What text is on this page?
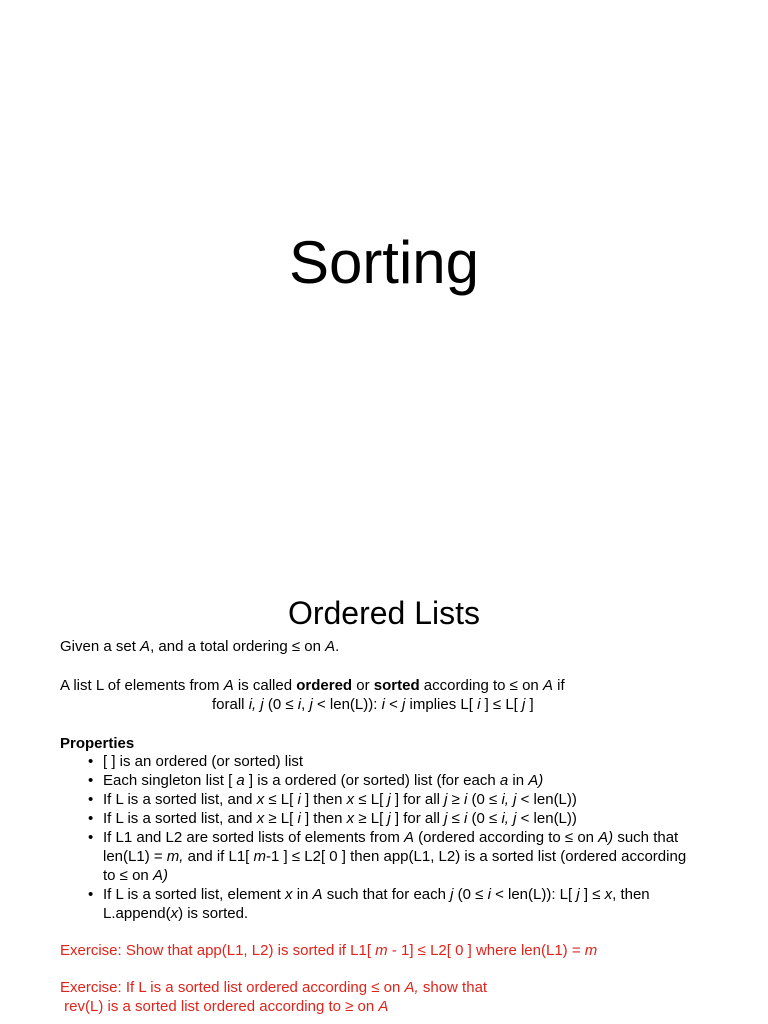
Sorting
Ordered Lists

Given a set A, and a total ordering ≤ on A.

A list L of elements from A is called ordered or sorted according to ≤ on A if

forall i, j (0 ≤ i, j < len(L)): i < j implies L[ i ] ≤ L[ j ]

Properties

• [ ] is an ordered (or sorted) list
• Each singleton list [ a ] is a ordered (or sorted) list (for each a in A)
• If L is a sorted list, and x ≤ L[ i ] then x ≤ L[ j ] for all j ≥ i (0 ≤ i, j < len(L))
• If L is a sorted list, and x ≥ L[ i ] then x ≥ L[ j ] for all j ≤ i (0 ≤ i, j < len(L))
• If L1 and L2 are sorted lists of elements from A (ordered according to ≤ on A) such that len(L1) = m, and if L1[ m-1 ] ≤ L2[ 0 ] then app(L1, L2) is a sorted list (ordered according to ≤ on A)
• If L is a sorted list, element x in A such that for each j (0 ≤ i < len(L)): L[ j ] ≤ x, then L.append(x) is sorted.

Exercise: Show that app(L1, L2) is sorted if L1[ m - 1] ≤ L2[ 0 ] where len(L1) = m

Exercise: If L is a sorted list ordered according ≤ on A, show that

rev(L) is a sorted list ordered according to ≥ on A
